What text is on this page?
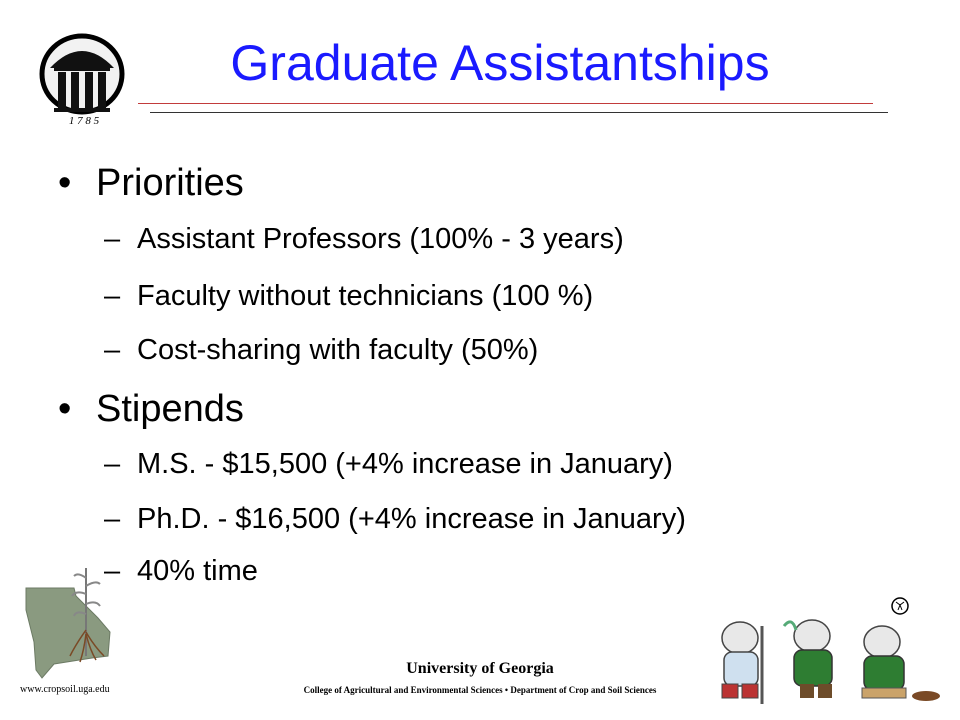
1 7 8 5
Graduate Assistantships
• Priorities
– Assistant Professors (100% - 3 years)
– Faculty without technicians (100 %)
– Cost-sharing with faculty (50%)
• Stipends
– M.S. - $15,500 (+4% increase in January)
– Ph.D. - $16,500 (+4% increase in January)
– 40% time
University of Georgia
College of Agricultural and Environmental Sciences • Department of Crop and Soil Sciences
www.cropsoil.uga.edu
